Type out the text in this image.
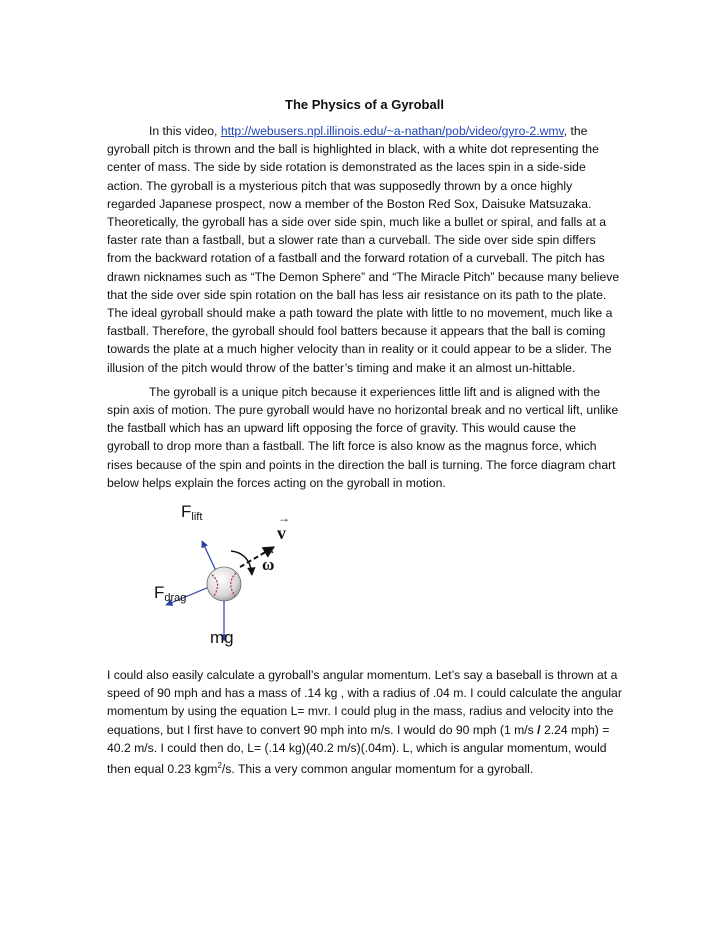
The Physics of a Gyroball

In this video, http://webusers.npl.illinois.edu/~a-nathan/pob/video/gyro-2.wmv, the gyroball pitch is thrown and the ball is highlighted in black, with a white dot representing the center of mass. The side by side rotation is demonstrated as the laces spin in a side-side action. The gyroball is a mysterious pitch that was supposedly thrown by a once highly regarded Japanese prospect, now a member of the Boston Red Sox, Daisuke Matsuzaka. Theoretically, the gyroball has a side over side spin, much like a bullet or spiral, and falls at a faster rate than a fastball, but a slower rate than a curveball. The side over side spin differs from the backward rotation of a fastball and the forward rotation of a curveball. The pitch has drawn nicknames such as “The Demon Sphere” and “The Miracle Pitch” because many believe that the side over side spin rotation on the ball has less air resistance on its path to the plate. The ideal gyroball should make a path toward the plate with little to no movement, much like a fastball. Therefore, the gyroball should fool batters because it appears that the ball is coming towards the plate at a much higher velocity than in reality or it could appear to be a slider. The illusion of the pitch would throw of the batter’s timing and make it an almost un-hittable.

The gyroball is a unique pitch because it experiences little lift and is aligned with the spin axis of motion. The pure gyroball would have no horizontal break and no vertical lift, unlike the fastball which has an upward lift opposing the force of gravity. This would cause the gyroball to drop more than a fastball. The lift force is also know as the magnus force, which rises because of the spin and points in the direction the ball is turning. The force diagram chart below helps explain the forces acting on the gyroball in motion.

$F_{lift}$
$F_{drag}$
mg
→
v
→
ω

I could also easily calculate a gyroball’s angular momentum. Let’s say a baseball is thrown at a speed of 90 mph and has a mass of .14 kg , with a radius of .04 m. I could calculate the angular momentum by using the equation L= mvr. I could plug in the mass, radius and velocity into the equations, but I first have to convert 90 mph into m/s. I would do 90 mph (1 m/s / 2.24 mph) = 40.2 m/s. I could then do, L= (.14 kg)(40.2 m/s)(.04m). L, which is angular momentum, would then equal 0.23 kgm$^2$/s. This a very common angular momentum for a gyroball.
